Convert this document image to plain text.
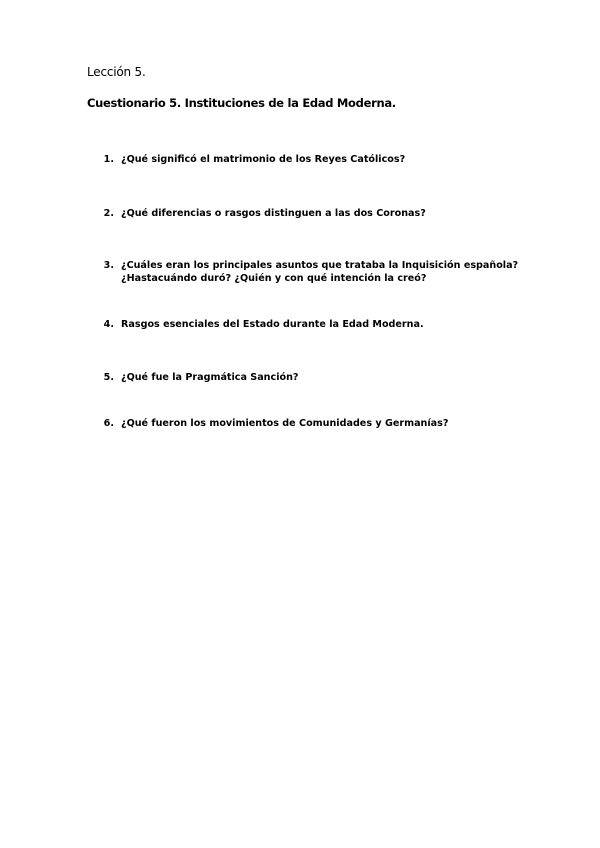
Lección 5.
Cuestionario 5. Instituciones de la Edad Moderna.
1. ¿Qué significó el matrimonio de los Reyes Católicos?
2. ¿Qué diferencias o rasgos distinguen a las dos Coronas?
3. ¿Cuáles eran los principales asuntos que trataba la Inquisición española? ¿Hastacuándo duró? ¿Quién y con qué intención la creó?
4. Rasgos esenciales del Estado durante la Edad Moderna.
5. ¿Qué fue la Pragmática Sanción?
6. ¿Qué fueron los movimientos de Comunidades y Germanías?
